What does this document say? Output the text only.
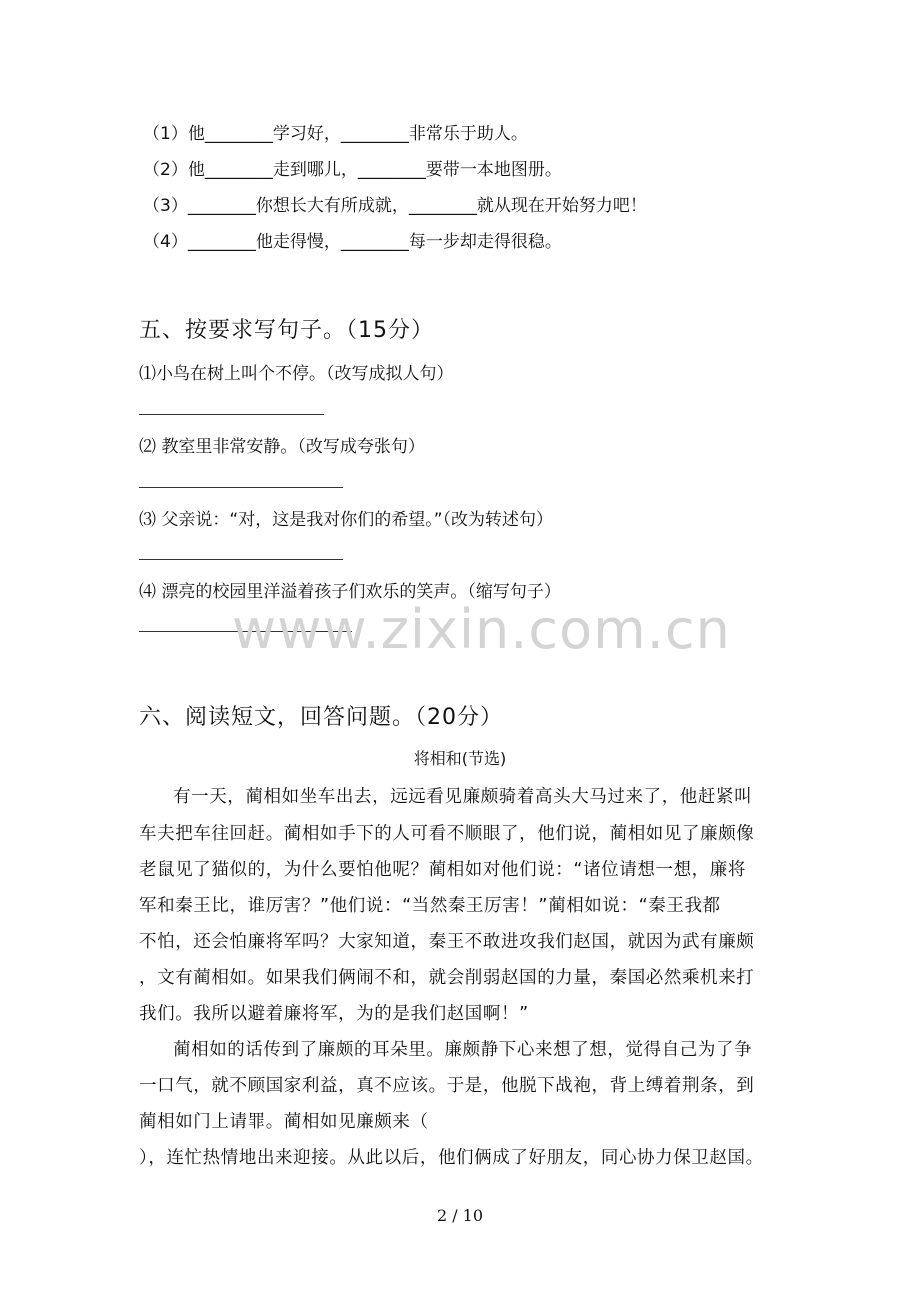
（1）他________学习好，________非常乐于助人。
（2）他________走到哪儿，________要带一本地图册。
（3）________你想长大有所成就，________就从现在开始努力吧！
（4）________他走得慢，________每一步却走得很稳。
五、按要求写句子。（15分）
⑴小鸟在树上叫个不停。（改写成拟人句）
⑵ 教室里非常安静。（改写成夸张句）
⑶ 父亲说：“对，这是我对你们的希望。”（改为转述句）
⑷ 漂亮的校园里洋溢着孩子们欢乐的笑声。（缩写句子）
www.zixin.com.cn
六、阅读短文，回答问题。（20分）
将相和(节选)
有一天，蔺相如坐车出去，远远看见廉颇骑着高头大马过来了，他赶紧叫
车夫把车往回赶。蔺相如手下的人可看不顺眼了，他们说，蔺相如见了廉颇像
老鼠见了猫似的，为什么要怕他呢？蔺相如对他们说：“诸位请想一想，廉将
军和秦王比，谁厉害？”他们说：“当然秦王厉害！”蔺相如说：“秦王我都
不怕，还会怕廉将军吗？大家知道，秦王不敢进攻我们赵国，就因为武有廉颇
，文有蔺相如。如果我们俩闹不和，就会削弱赵国的力量，秦国必然乘机来打
我们。我所以避着廉将军，为的是我们赵国啊！”
蔺相如的话传到了廉颇的耳朵里。廉颇静下心来想了想，觉得自己为了争
一口气，就不顾国家利益，真不应该。于是，他脱下战袍，背上缚着荆条，到
蔺相如门上请罪。蔺相如见廉颇来（
），连忙热情地出来迎接。从此以后，他们俩成了好朋友，同心协力保卫赵国。
2 / 10
